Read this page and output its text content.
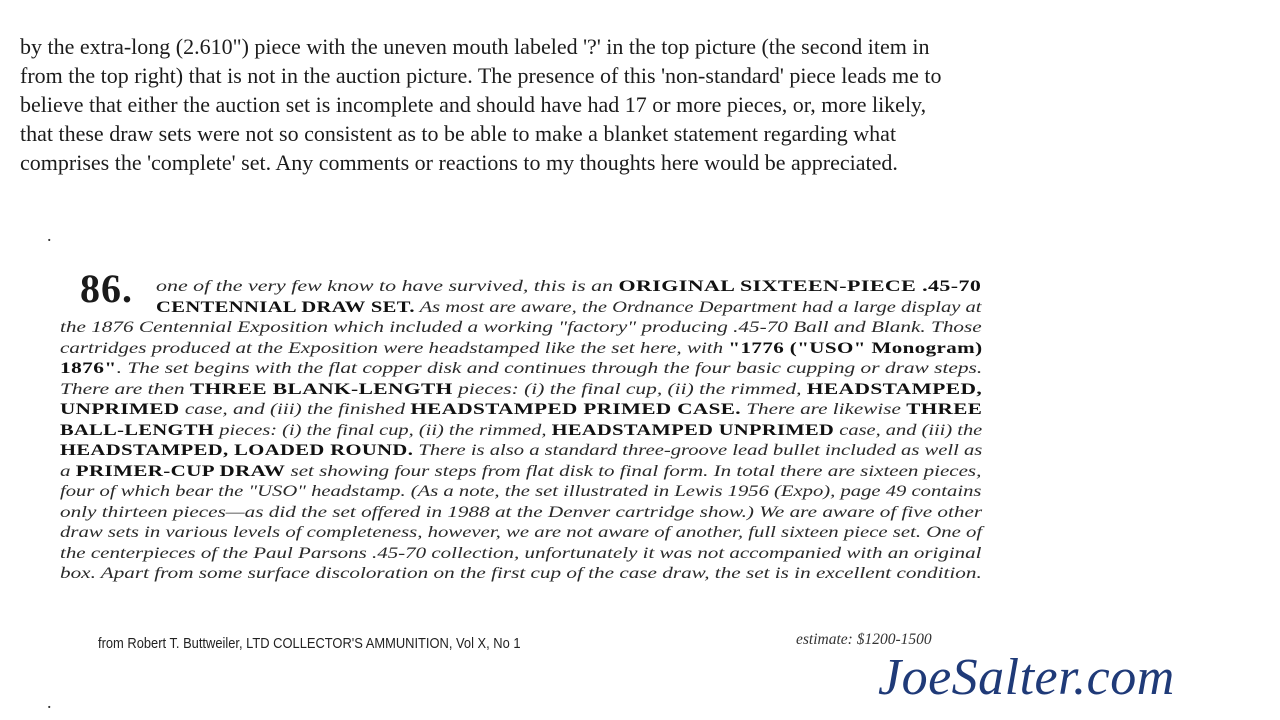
by the extra-long (2.610") piece with the uneven mouth labeled '?' in the top picture (the second item in
from the top right) that is not in the auction picture. The presence of this 'non-standard' piece leads me to
believe that either the auction set is incomplete and should have had 17 or more pieces, or, more likely,
that these draw sets were not so consistent as to be able to make a blanket statement regarding what
comprises the 'complete' set. Any comments or reactions to my thoughts here would be appreciated.
.
86. one of the very few know to have survived, this is an ORIGINAL SIXTEEN-PIECE .45-70
CENTENNIAL DRAW SET. As most are aware, the Ordnance Department had a large display at
the 1876 Centennial Exposition which included a working "factory" producing .45-70 Ball and Blank. Those
cartridges produced at the Exposition were headstamped like the set here, with "1776 ("USO" Monogram)
1876". The set begins with the flat copper disk and continues through the four basic cupping or draw steps.
There are then THREE BLANK-LENGTH pieces: (i) the final cup, (ii) the rimmed, HEADSTAMPED,
UNPRIMED case, and (iii) the finished HEADSTAMPED PRIMED CASE. There are likewise THREE
BALL-LENGTH pieces: (i) the final cup, (ii) the rimmed, HEADSTAMPED UNPRIMED case, and (iii) the
HEADSTAMPED, LOADED ROUND. There is also a standard three-groove lead bullet included as well as
a PRIMER-CUP DRAW set showing four steps from flat disk to final form. In total there are sixteen pieces,
four of which bear the "USO" headstamp. (As a note, the set illustrated in Lewis 1956 (Expo), page 49 contains
only thirteen pieces—as did the set offered in 1988 at the Denver cartridge show.) We are aware of five other
draw sets in various levels of completeness, however, we are not aware of another, full sixteen piece set. One of
the centerpieces of the Paul Parsons .45-70 collection, unfortunately it was not accompanied with an original
box. Apart from some surface discoloration on the first cup of the case draw, the set is in excellent condition.
from Robert T. Buttweiler, LTD COLLECTOR'S AMMUNITION, Vol X, No 1	estimate: $1200-1500
.	JoeSalter.com
